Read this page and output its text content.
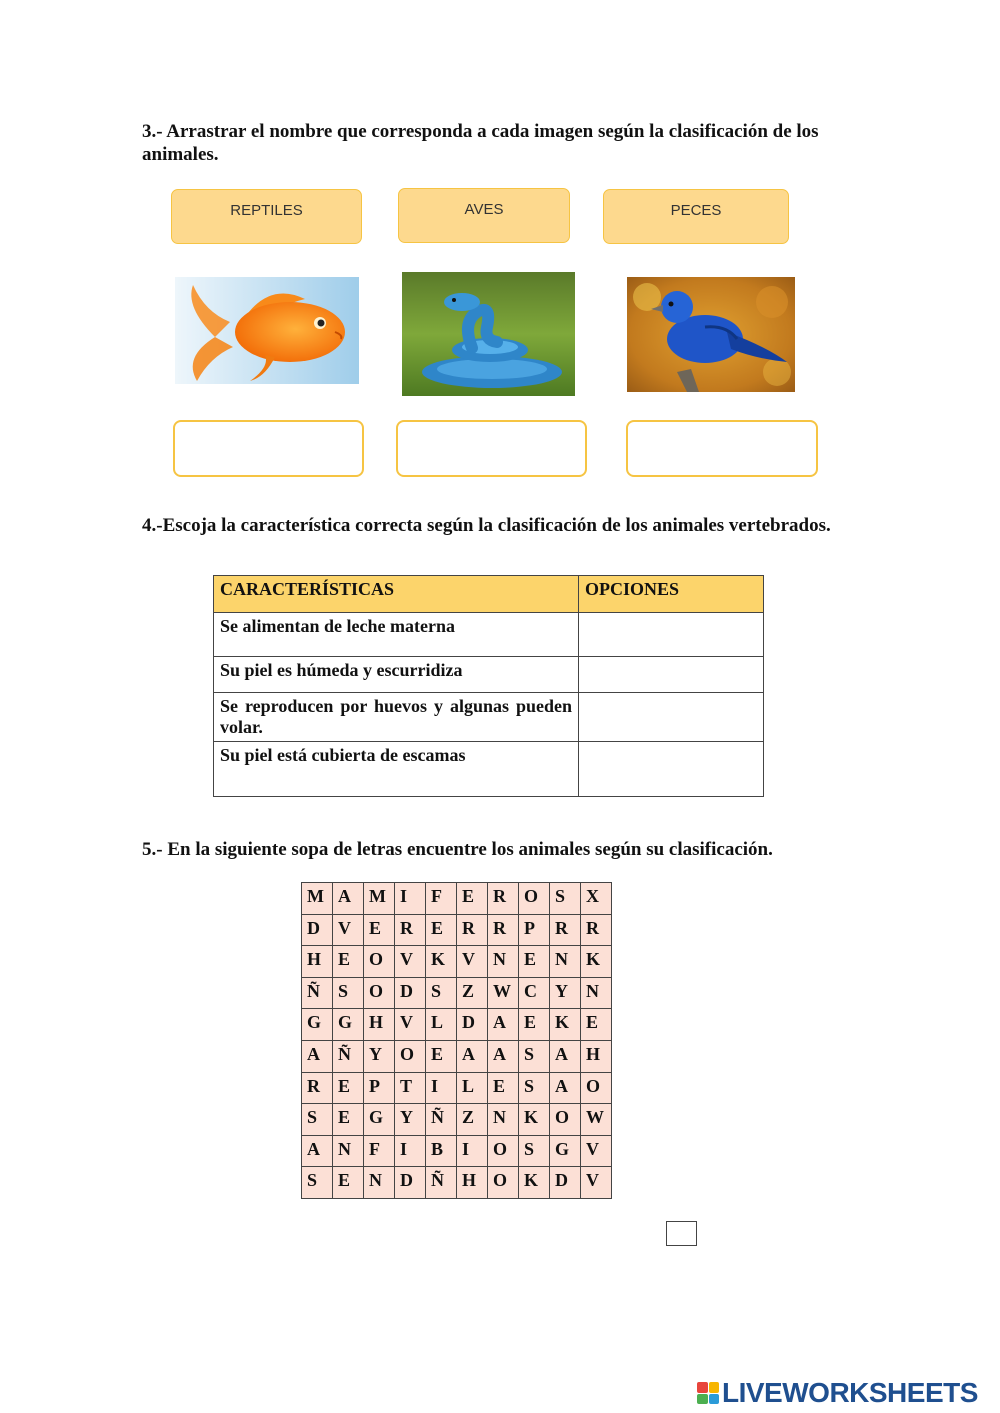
3.- Arrastrar el nombre que corresponda a cada imagen según la clasificación de los animales.
REPTILES	AVES	PECES
4.-Escoja la característica correcta según la clasificación de los animales vertebrados.
CARACTERÍSTICAS	OPCIONES
Se alimentan de leche materna	
Su piel es húmeda y escurridiza	
Se reproducen por huevos y algunas pueden volar.	
Su piel está cubierta de escamas	
5.- En la siguiente sopa de letras encuentre los animales según su clasificación.
M	A	M	I	F	E	R	O	S	X
D	V	E	R	E	R	R	P	R	R
H	E	O	V	K	V	N	E	N	K
Ñ	S	O	D	S	Z	W	C	Y	N
G	G	H	V	L	D	A	E	K	E
A	Ñ	Y	O	E	A	A	S	A	H
R	E	P	T	I	L	E	S	A	O
S	E	G	Y	Ñ	Z	N	K	O	W
A	N	F	I	B	I	O	S	G	V
S	E	N	D	Ñ	H	O	K	D	V
LIVEWORKSHEETS
